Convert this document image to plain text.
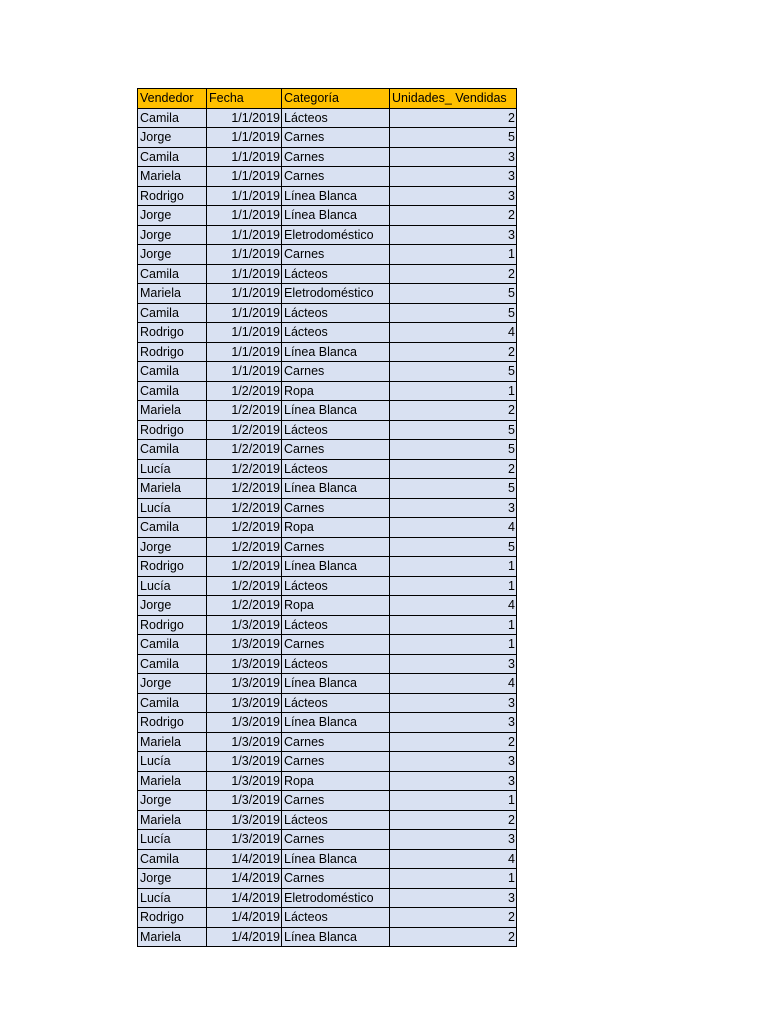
Vendedor	Fecha	Categoría	Unidades_ Vendidas
Camila	1/1/2019	Lácteos	2
Jorge	1/1/2019	Carnes	5
Camila	1/1/2019	Carnes	3
Mariela	1/1/2019	Carnes	3
Rodrigo	1/1/2019	Línea Blanca	3
Jorge	1/1/2019	Línea Blanca	2
Jorge	1/1/2019	Eletrodoméstico	3
Jorge	1/1/2019	Carnes	1
Camila	1/1/2019	Lácteos	2
Mariela	1/1/2019	Eletrodoméstico	5
Camila	1/1/2019	Lácteos	5
Rodrigo	1/1/2019	Lácteos	4
Rodrigo	1/1/2019	Línea Blanca	2
Camila	1/1/2019	Carnes	5
Camila	1/2/2019	Ropa	1
Mariela	1/2/2019	Línea Blanca	2
Rodrigo	1/2/2019	Lácteos	5
Camila	1/2/2019	Carnes	5
Lucía	1/2/2019	Lácteos	2
Mariela	1/2/2019	Línea Blanca	5
Lucía	1/2/2019	Carnes	3
Camila	1/2/2019	Ropa	4
Jorge	1/2/2019	Carnes	5
Rodrigo	1/2/2019	Línea Blanca	1
Lucía	1/2/2019	Lácteos	1
Jorge	1/2/2019	Ropa	4
Rodrigo	1/3/2019	Lácteos	1
Camila	1/3/2019	Carnes	1
Camila	1/3/2019	Lácteos	3
Jorge	1/3/2019	Línea Blanca	4
Camila	1/3/2019	Lácteos	3
Rodrigo	1/3/2019	Línea Blanca	3
Mariela	1/3/2019	Carnes	2
Lucía	1/3/2019	Carnes	3
Mariela	1/3/2019	Ropa	3
Jorge	1/3/2019	Carnes	1
Mariela	1/3/2019	Lácteos	2
Lucía	1/3/2019	Carnes	3
Camila	1/4/2019	Línea Blanca	4
Jorge	1/4/2019	Carnes	1
Lucía	1/4/2019	Eletrodoméstico	3
Rodrigo	1/4/2019	Lácteos	2
Mariela	1/4/2019	Línea Blanca	2
